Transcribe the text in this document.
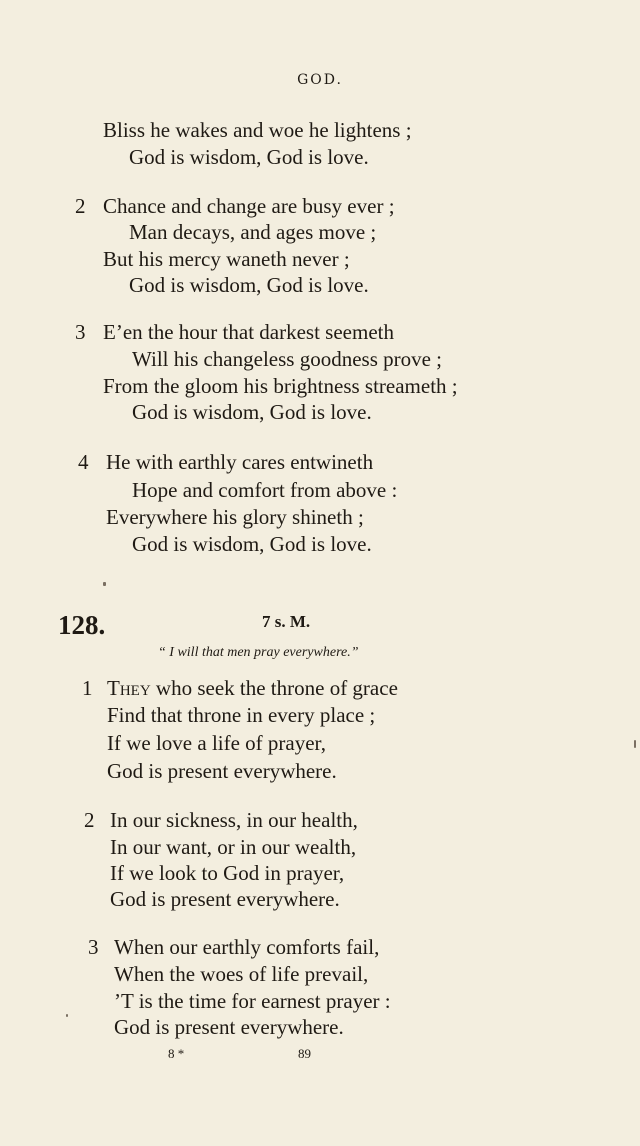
GOD.
Bliss he wakes and woe he lightens ;
God is wisdom, God is love.
2 Chance and change are busy ever ;
Man decays, and ages move ;
But his mercy waneth never ;
God is wisdom, God is love.
3 E’en the hour that darkest seemeth
Will his changeless goodness prove ;
From the gloom his brightness streameth ;
God is wisdom, God is love.
4 He with earthly cares entwineth
Hope and comfort from above :
Everywhere his glory shineth ;
God is wisdom, God is love.
128.	7 s. M.
“ I will that men pray everywhere.”
1 They who seek the throne of grace
Find that throne in every place ;
If we love a life of prayer,
God is present everywhere.
2 In our sickness, in our health,
In our want, or in our wealth,
If we look to God in prayer,
God is present everywhere.
3 When our earthly comforts fail,
When the woes of life prevail,
’T is the time for earnest prayer :
God is present everywhere.
8 *	89
